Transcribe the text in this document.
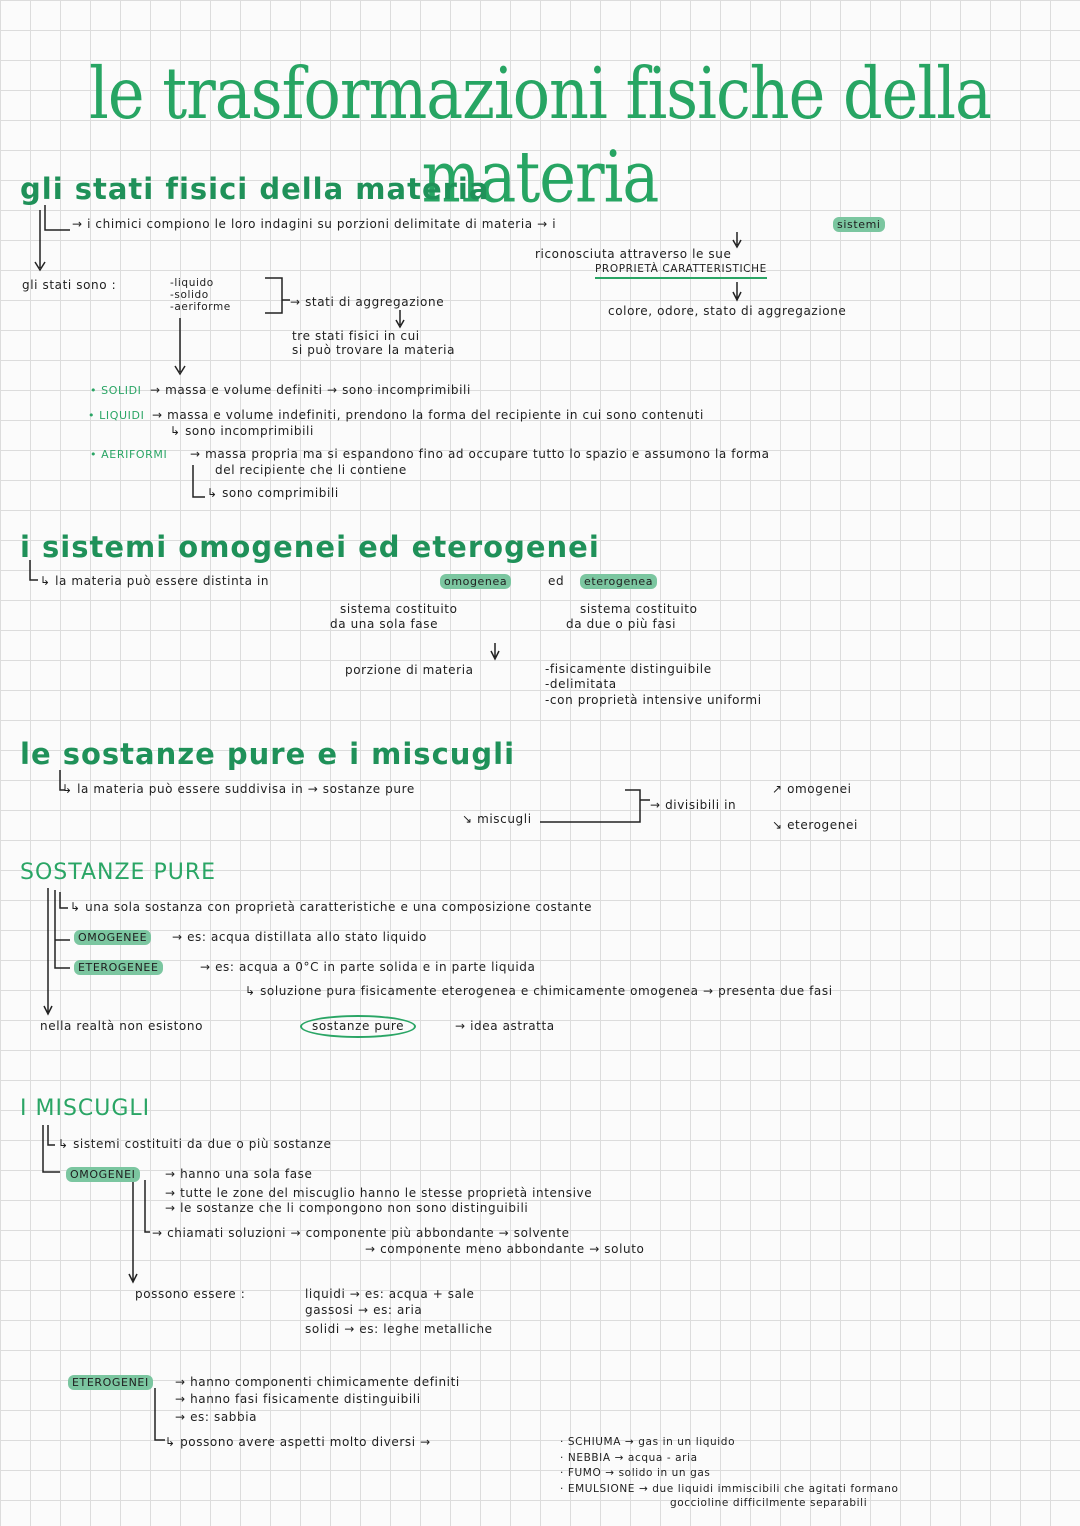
le trasformazioni fisiche della materia
gli stati fisici della materia
→ i chimici compiono le loro indagini su porzioni delimitate di materia → i	sistemi
riconosciuta attraverso le sue
PROPRIETÀ CARATTERISTICHE
colore, odore, stato di aggregazione
gli stati sono :	-liquido
-solido
-aeriforme	→ stati di aggregazione
tre stati fisici in cui
si può trovare la materia
• SOLIDI → massa e volume definiti → sono incomprimibili
• LIQUIDI → massa e volume indefiniti, prendono la forma del recipiente in cui sono contenuti
↳ sono incomprimibili
• AERIFORMI → massa propria ma si espandono fino ad occupare tutto lo spazio e assumono la forma
del recipiente che li contiene
↳ sono comprimibili
i sistemi omogenei ed eterogenei
↳ la materia può essere distinta in	omogenea	ed	eterogenea
sistema costituito
da una sola fase
sistema costituito
da due o più fasi
porzione di materia	-fisicamente distinguibile
-delimitata
-con proprietà intensive uniformi
le sostanze pure e i miscugli
↳ la materia può essere suddivisa in → sostanze pure
↘ miscugli
→ divisibili in
↗ omogenei
↘ eterogenei
SOSTANZE PURE
↳ una sola sostanza con proprietà caratteristiche e una composizione costante
OMOGENEE	→ es: acqua distillata allo stato liquido
ETEROGENEE	→ es: acqua a 0°C in parte solida e in parte liquida
↳ soluzione pura fisicamente eterogenea e chimicamente omogenea → presenta due fasi
nella realtà non esistono	sostanze pure	→ idea astratta
I MISCUGLI
↳ sistemi costituiti da due o più sostanze
OMOGENEI	→ hanno una sola fase
→ tutte le zone del miscuglio hanno le stesse proprietà intensive
→ le sostanze che li compongono non sono distinguibili
→ chiamati soluzioni → componente più abbondante → solvente
→ componente meno abbondante → soluto
possono essere :	liquidi → es: acqua + sale
gassosi → es: aria
solidi → es: leghe metalliche
ETEROGENEI	→ hanno componenti chimicamente definiti
→ hanno fasi fisicamente distinguibili
→ es: sabbia
↳ possono avere aspetti molto diversi →	· SCHIUMA → gas in un liquido
· NEBBIA → acqua - aria
· FUMO → solido in un gas
· EMULSIONE → due liquidi immiscibili che agitati formano
goccioline difficilmente separabili
